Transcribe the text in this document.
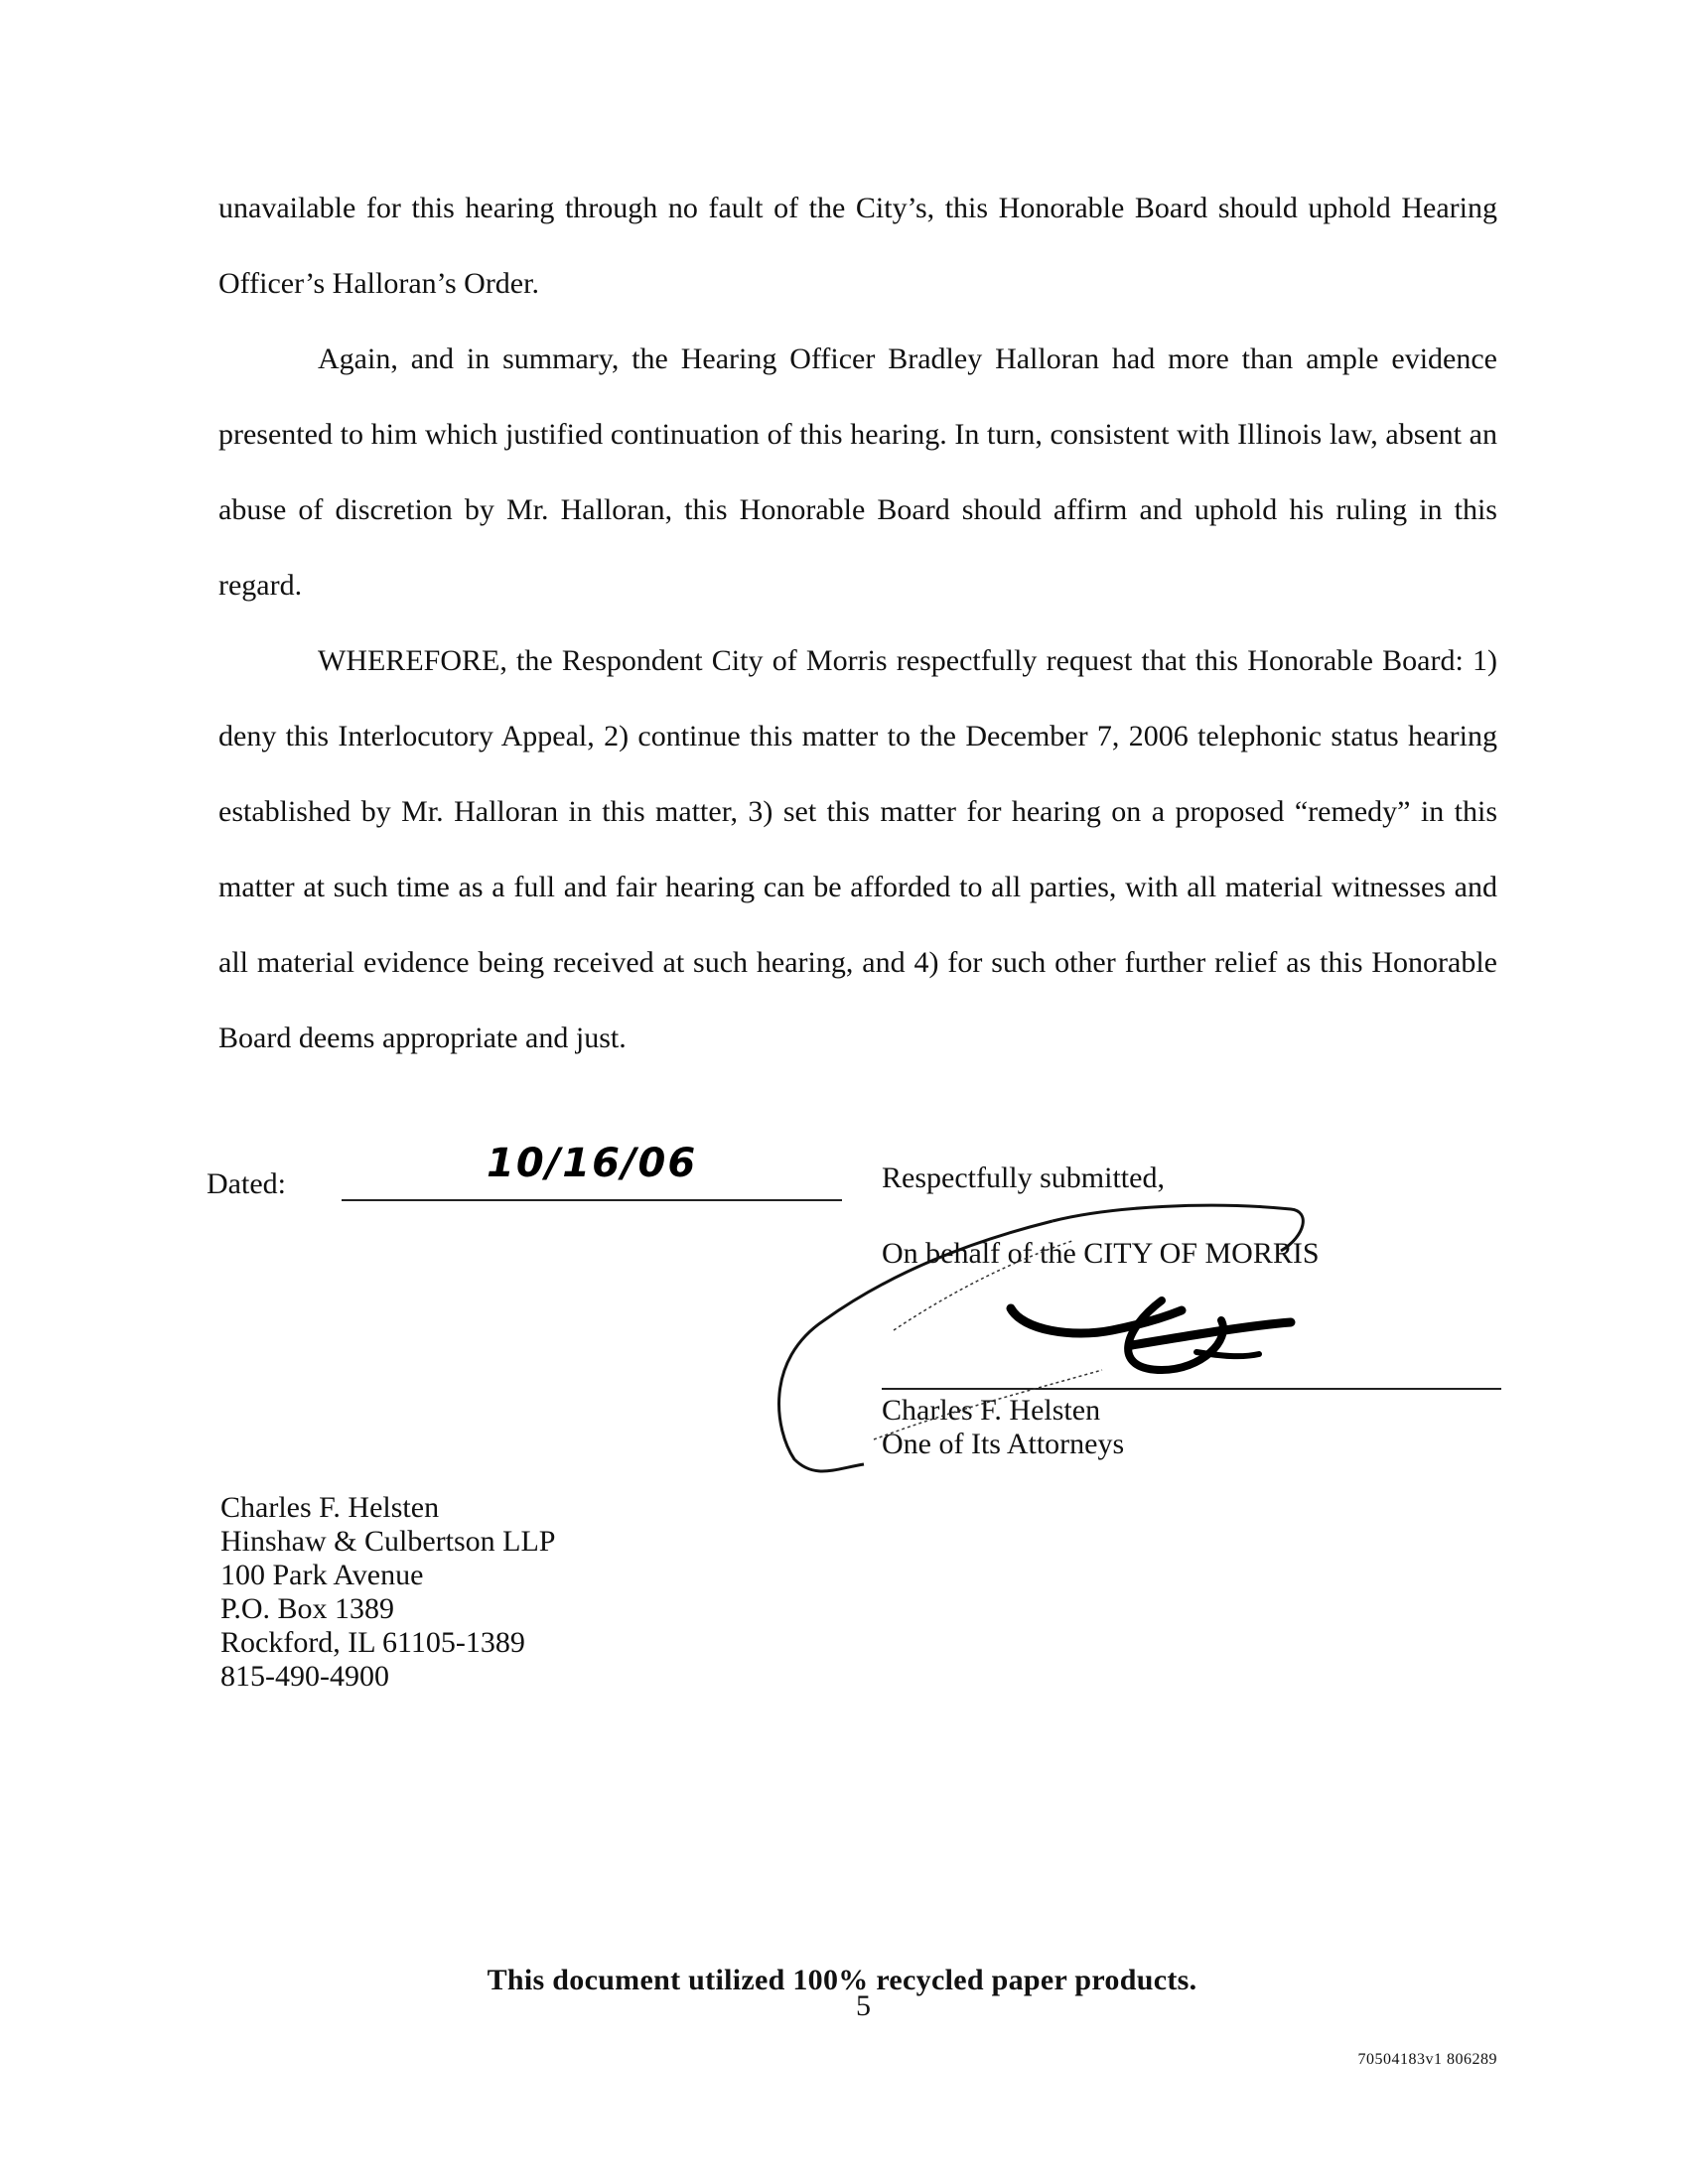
unavailable for this hearing through no fault of the City’s, this Honorable Board should uphold Hearing Officer’s Halloran’s Order.

Again, and in summary, the Hearing Officer Bradley Halloran had more than ample evidence presented to him which justified continuation of this hearing. In turn, consistent with Illinois law, absent an abuse of discretion by Mr. Halloran, this Honorable Board should affirm and uphold his ruling in this regard.

WHEREFORE, the Respondent City of Morris respectfully request that this Honorable Board: 1) deny this Interlocutory Appeal, 2) continue this matter to the December 7, 2006 telephonic status hearing established by Mr. Halloran in this matter, 3) set this matter for hearing on a proposed “remedy” in this matter at such time as a full and fair hearing can be afforded to all parties, with all material witnesses and all material evidence being received at such hearing, and 4) for such other further relief as this Honorable Board deems appropriate and just.

Dated:	10/16/06	Respectfully submitted,
On behalf of the CITY OF MORRIS
Charles F. Helsten
One of Its Attorneys
Charles F. Helsten
Hinshaw & Culbertson LLP
100 Park Avenue
P.O. Box 1389
Rockford, IL 61105-1389
815-490-4900
This document utilized 100% recycled paper products.
5
70504183v1 806289
